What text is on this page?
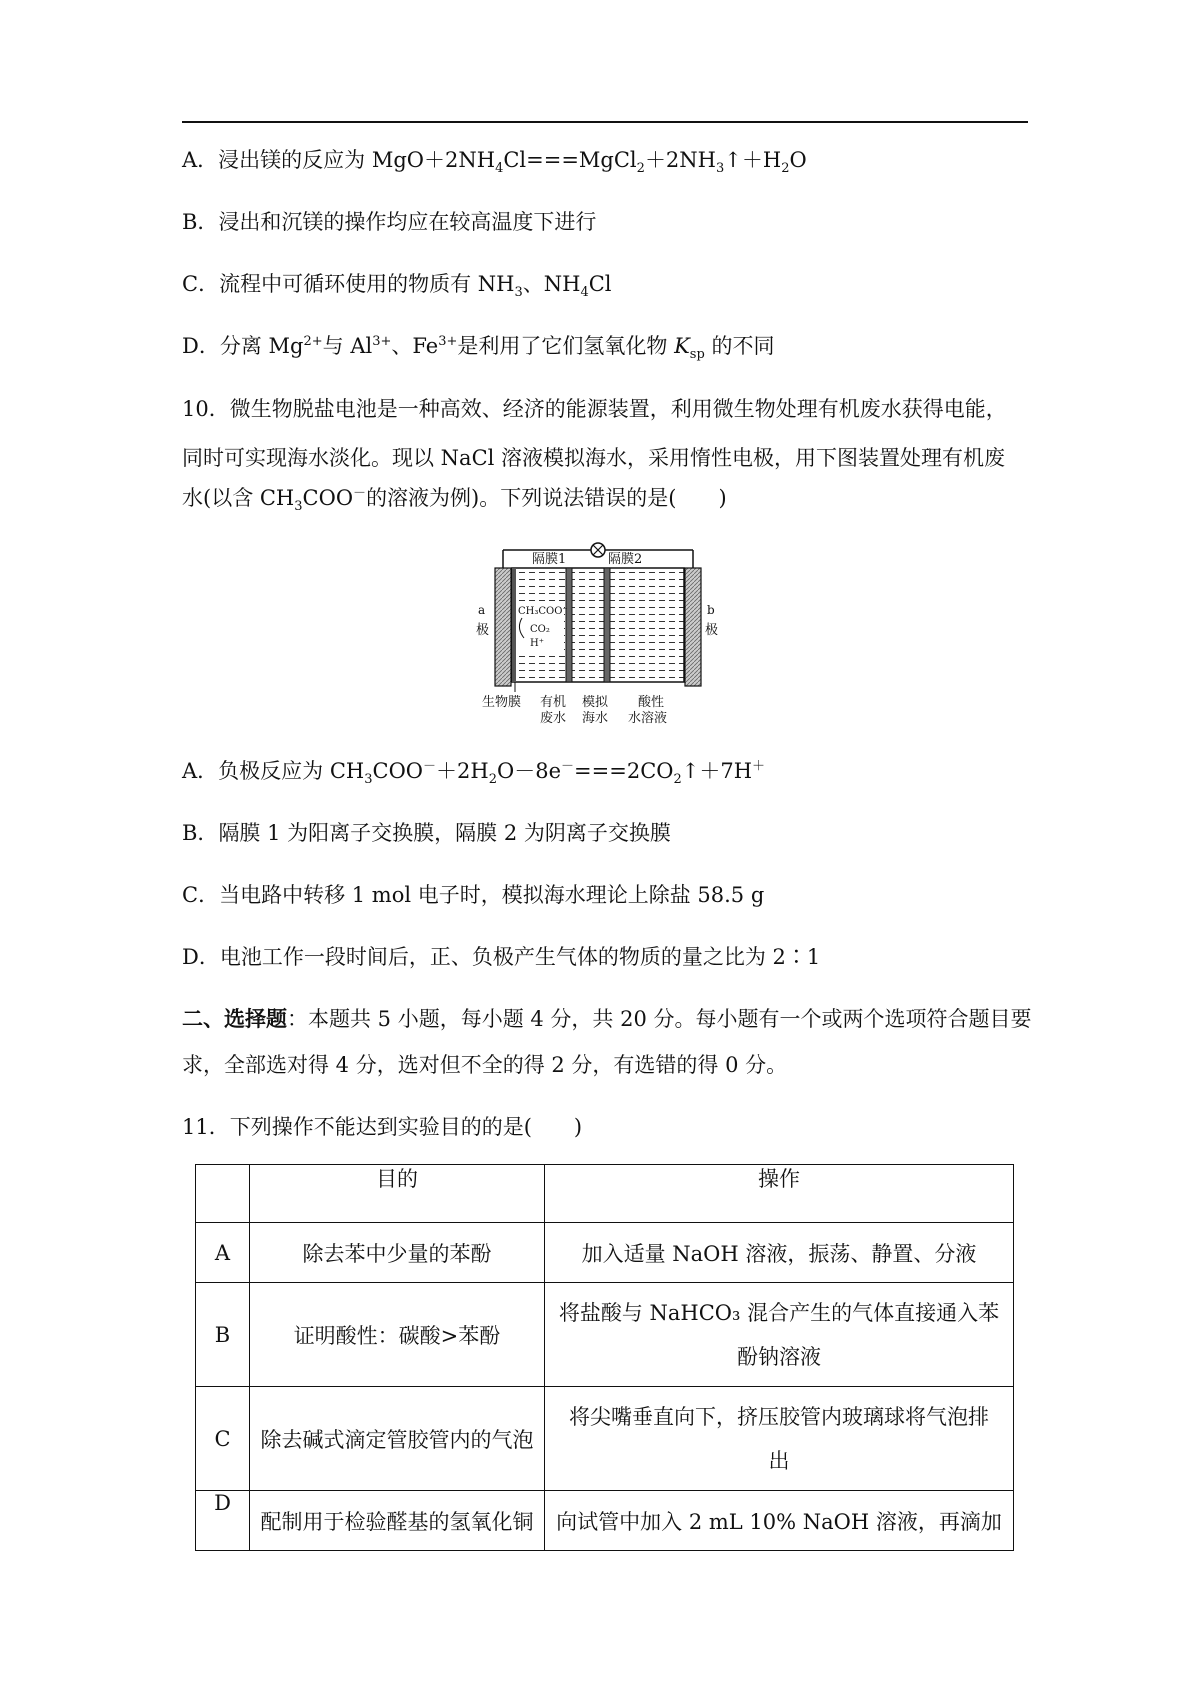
A．浸出镁的反应为 $MgO+2NH_4Cl===MgCl_2+2NH_3↑+H_2O$
B．浸出和沉镁的操作均应在较高温度下进行
C．流程中可循环使用的物质有 $NH_3$、$NH_4Cl$
D．分离 $Mg^{2+}$与 $Al^{3+}$、$Fe^{3+}$是利用了它们氢氧化物 $K_{sp}$ 的不同
10．微生物脱盐电池是一种高效、经济的能源装置，利用微生物处理有机废水获得电能，
同时可实现海水淡化。现以 NaCl 溶液模拟海水，采用惰性电极，用下图装置处理有机废
水(以含 $CH_3COO^-$的溶液为例)。下列说法错误的是(　　)
隔膜1	隔膜2
a
极
b
极
CH₃COO⁻
CO₂
H⁺
生物膜 有机
废水
模拟
海水
酸性
水溶液
A．负极反应为 $CH_3COO^-+2H_2O-8e^-===2CO_2↑+7H^+$
B．隔膜 1 为阳离子交换膜，隔膜 2 为阴离子交换膜
C．当电路中转移 1 mol 电子时，模拟海水理论上除盐 58.5 g
D．电池工作一段时间后，正、负极产生气体的物质的量之比为 2∶1
二、选择题：本题共 5 小题，每小题 4 分，共 20 分。每小题有一个或两个选项符合题目要
求，全部选对得 4 分，选对但不全的得 2 分，有选错的得 0 分。
11．下列操作不能达到实验目的的是(　　)

	目的	操作

A	除去苯中少量的苯酚	加入适量 NaOH 溶液，振荡、静置、分液
B	证明酸性：碳酸>苯酚	将盐酸与 NaHCO₃ 混合产生的气体直接通入苯
酚钠溶液

C	除去碱式滴定管胶管内的气泡	将尖嘴垂直向下，挤压胶管内玻璃球将气泡排
出

D	配制用于检验醛基的氢氧化铜	向试管中加入 2 mL 10% NaOH 溶液，再滴加
